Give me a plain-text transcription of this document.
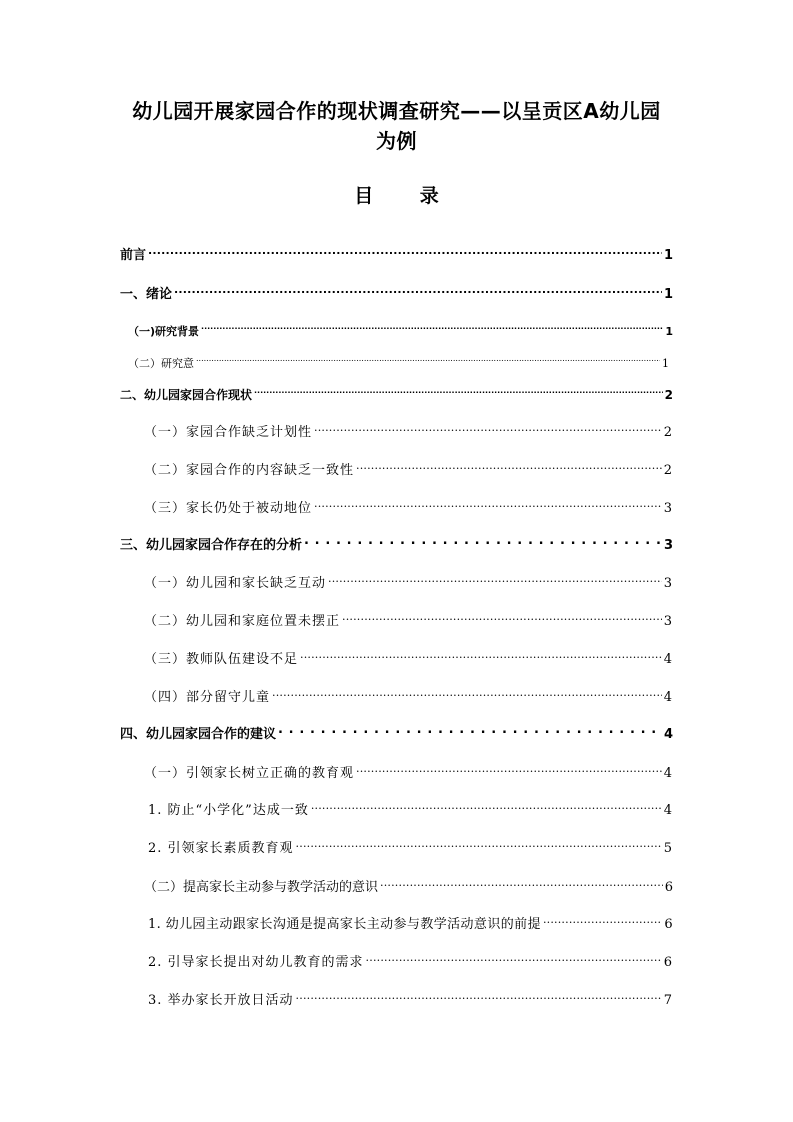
幼儿园开展家园合作的现状调查研究——以呈贡区A幼儿园
为例
目 录
前言 .....	1
一、绪论 .....	1
（一)研究背景 .....	1
（二）研究意 .....	1
二、幼儿园家园合作现状 .....	2
（一）家园合作缺乏计划性 .....	2
（二）家园合作的内容缺乏一致性 .....	2
（三）家长仍处于被动地位 .....	3
三、幼儿园家园合作存在的分析 . . .	3
（一）幼儿园和家长缺乏互动 .....	3
（二）幼儿园和家庭位置未摆正 .....	3
（三）教师队伍建设不足 .....	4
（四）部分留守儿童 .....	4
四、幼儿园家园合作的建议 . . .	4
（一）引领家长树立正确的教育观 .....	4
1. 防止“小学化”达成一致 .....	4
2. 引领家长素质教育观 .....	5
（二）提高家长主动参与教学活动的意识 .....	6
1. 幼儿园主动跟家长沟通是提高家长主动参与教学活动意识的前提 .....	6
2. 引导家长提出对幼儿教育的需求 .....	6
3. 举办家长开放日活动 .....	7
